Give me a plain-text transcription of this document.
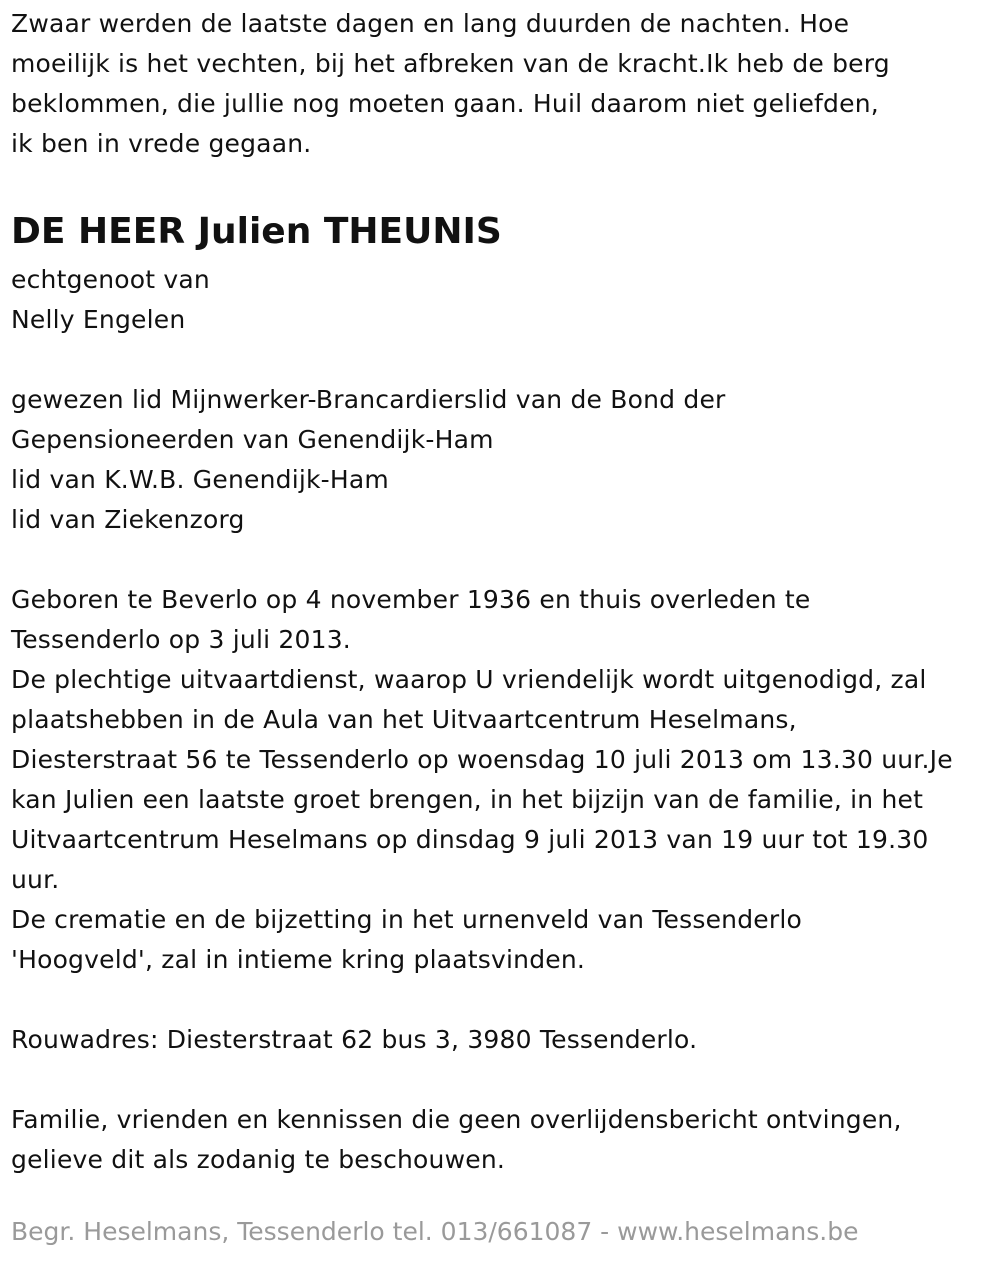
Zwaar werden de laatste dagen en lang duurden de nachten. Hoe
moeilijk is het vechten, bij het afbreken van de kracht.Ik heb de berg
beklommen, die jullie nog moeten gaan. Huil daarom niet geliefden,
ik ben in vrede gegaan.
DE HEER Julien THEUNIS
echtgenoot van
Nelly Engelen
gewezen lid Mijnwerker-Brancardierslid van de Bond der
Gepensioneerden van Genendijk-Ham
lid van K.W.B. Genendijk-Ham
lid van Ziekenzorg
Geboren te Beverlo op 4 november 1936 en thuis overleden te
Tessenderlo op 3 juli 2013.
De plechtige uitvaartdienst, waarop U vriendelijk wordt uitgenodigd, zal
plaatshebben in de Aula van het Uitvaartcentrum Heselmans,
Diesterstraat 56 te Tessenderlo op woensdag 10 juli 2013 om 13.30 uur.Je
kan Julien een laatste groet brengen, in het bijzijn van de familie, in het
Uitvaartcentrum Heselmans op dinsdag 9 juli 2013 van 19 uur tot 19.30
uur.
De crematie en de bijzetting in het urnenveld van Tessenderlo
'Hoogveld', zal in intieme kring plaatsvinden.
Rouwadres: Diesterstraat 62 bus 3, 3980 Tessenderlo.
Familie, vrienden en kennissen die geen overlijdensbericht ontvingen,
gelieve dit als zodanig te beschouwen.
Begr. Heselmans, Tessenderlo tel. 013/661087 - www.heselmans.be
